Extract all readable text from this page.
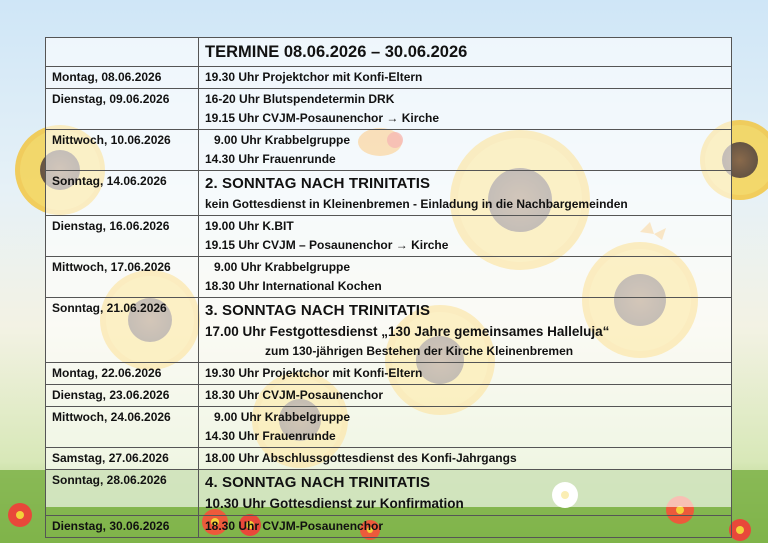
	TERMINE 08.06.2026 – 30.06.2026
Montag, 08.06.2026	19.30 Uhr Projektchor mit Konfi-Eltern

Dienstag, 09.06.2026	16-20 Uhr Blutspendetermin DRK
19.15 Uhr CVJM-Posaunenchor → Kirche

Mittwoch, 10.06.2026	9.00 Uhr Krabbelgruppe
14.30 Uhr Frauenrunde

Sonntag, 14.06.2026	2. SONNTAG NACH TRINITATIS
kein Gottesdienst in Kleinenbremen - Einladung in die Nachbargemeinden

Dienstag, 16.06.2026	19.00 Uhr K.BIT
19.15 Uhr CVJM – Posaunenchor → Kirche

Mittwoch, 17.06.2026	9.00 Uhr Krabbelgruppe
18.30 Uhr International Kochen

Sonntag, 21.06.2026	3. SONNTAG NACH TRINITATIS
17.00 Uhr Festgottesdienst „130 Jahre gemeinsames Halleluja“
zum 130-jährigen Bestehen der Kirche Kleinenbremen

Montag, 22.06.2026	19.30 Uhr Projektchor mit Konfi-Eltern

Dienstag, 23.06.2026	18.30 Uhr CVJM-Posaunenchor

Mittwoch, 24.06.2026	9.00 Uhr Krabbelgruppe
14.30 Uhr Frauenrunde

Samstag, 27.06.2026	18.00 Uhr Abschlussgottesdienst des Konfi-Jahrgangs

Sonntag, 28.06.2026	4. SONNTAG NACH TRINITATIS
10.30 Uhr Gottesdienst zur Konfirmation

Dienstag, 30.06.2026	18.30 Uhr CVJM-Posaunenchor
